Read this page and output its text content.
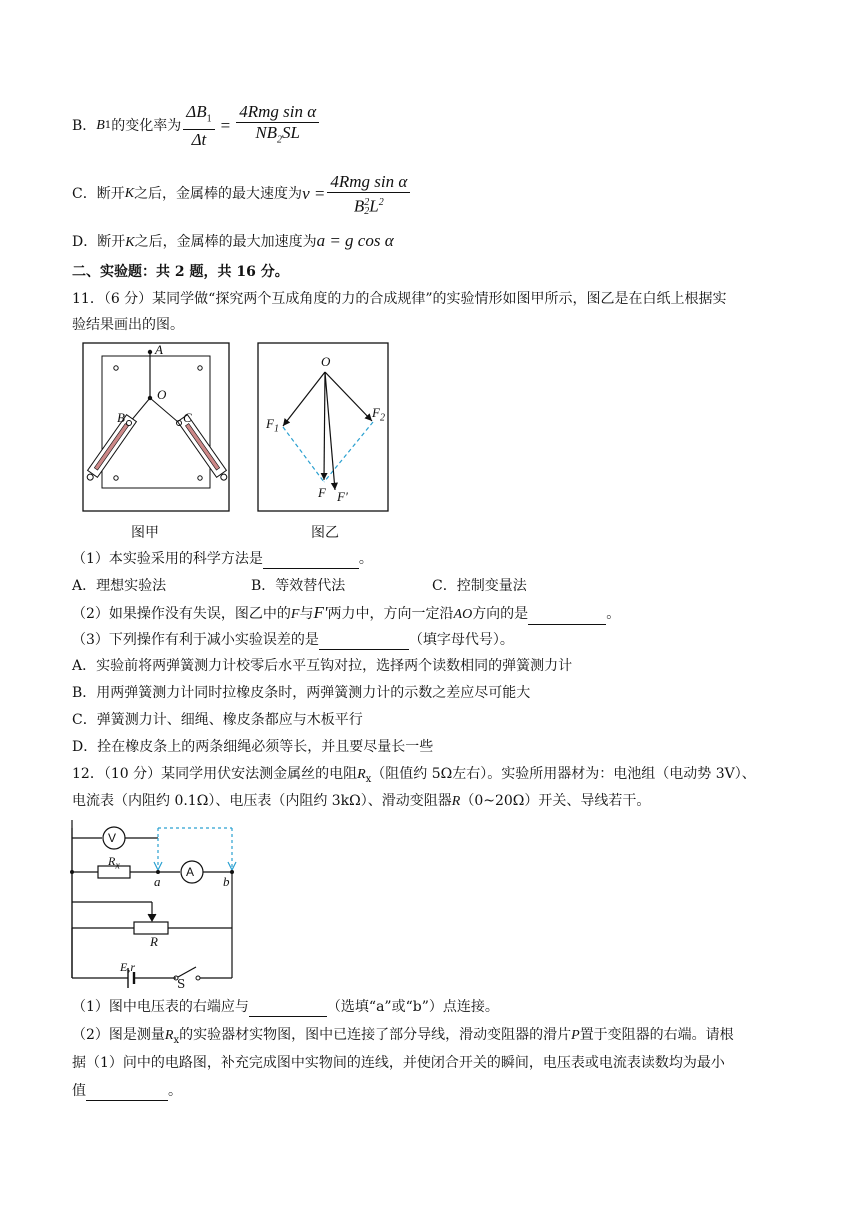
B． B 1 的变化率为 $\frac{\Delta B_1}{\Delta t} = \frac{\text{4Rmg sin α}}{NB_2SL}$
C．断开 K 之后，金属棒的最大速度为 v = 4Rmg sin α
B 2
2 $L^2$
D．断开K之后，金属棒的最大加速度为a = g cos α
二、实验题：共 2 题，共 16 分。
11．（6 分）某同学做“探究两个互成角度的力的合成规律”的实验情形如图甲所示，图乙是在白纸上根据实
验结果画出的图。
A
O
B	C
图甲
O
$F_1$
$F_2$
F F′
图乙
（1）本实验采用的科学方法是	。
A．理想实验法	B．等效替代法	C．控制变量法
（2）如果操作没有失误，图乙中的F与F'两力中，方向一定沿AO方向的是	。
（3）下列操作有利于减小实验误差的是	（填字母代号）。
A．实验前将两弹簧测力计校零后水平互钩对拉，选择两个读数相同的弹簧测力计
B．用两弹簧测力计同时拉橡皮条时，两弹簧测力计的示数之差应尽可能大
C．弹簧测力计、细绳、橡皮条都应与木板平行
D．拴在橡皮条上的两条细绳必须等长，并且要尽量长一些
12．（10 分）某同学用伏安法测金属丝的电阻$R_x$（阻值约 5Ω左右）。实验所用器材为：电池组（电动势 3V）、
电流表（内阻约 0.1Ω）、电压表（内阻约 3kΩ）、滑动变阻器R（0~20Ω）开关、导线若干。
V
A
$R_x$
a	b
R
E,r
S
（1）图中电压表的右端应与	（选填“a”或“b”）点连接。
（2）图是测量$R_x$的实验器材实物图，图中已连接了部分导线，滑动变阻器的滑片P置于变阻器的右端。请根
据（1）问中的电路图，补充完成图中实物间的连线，并使闭合开关的瞬间，电压表或电流表读数均为最小
值	。
